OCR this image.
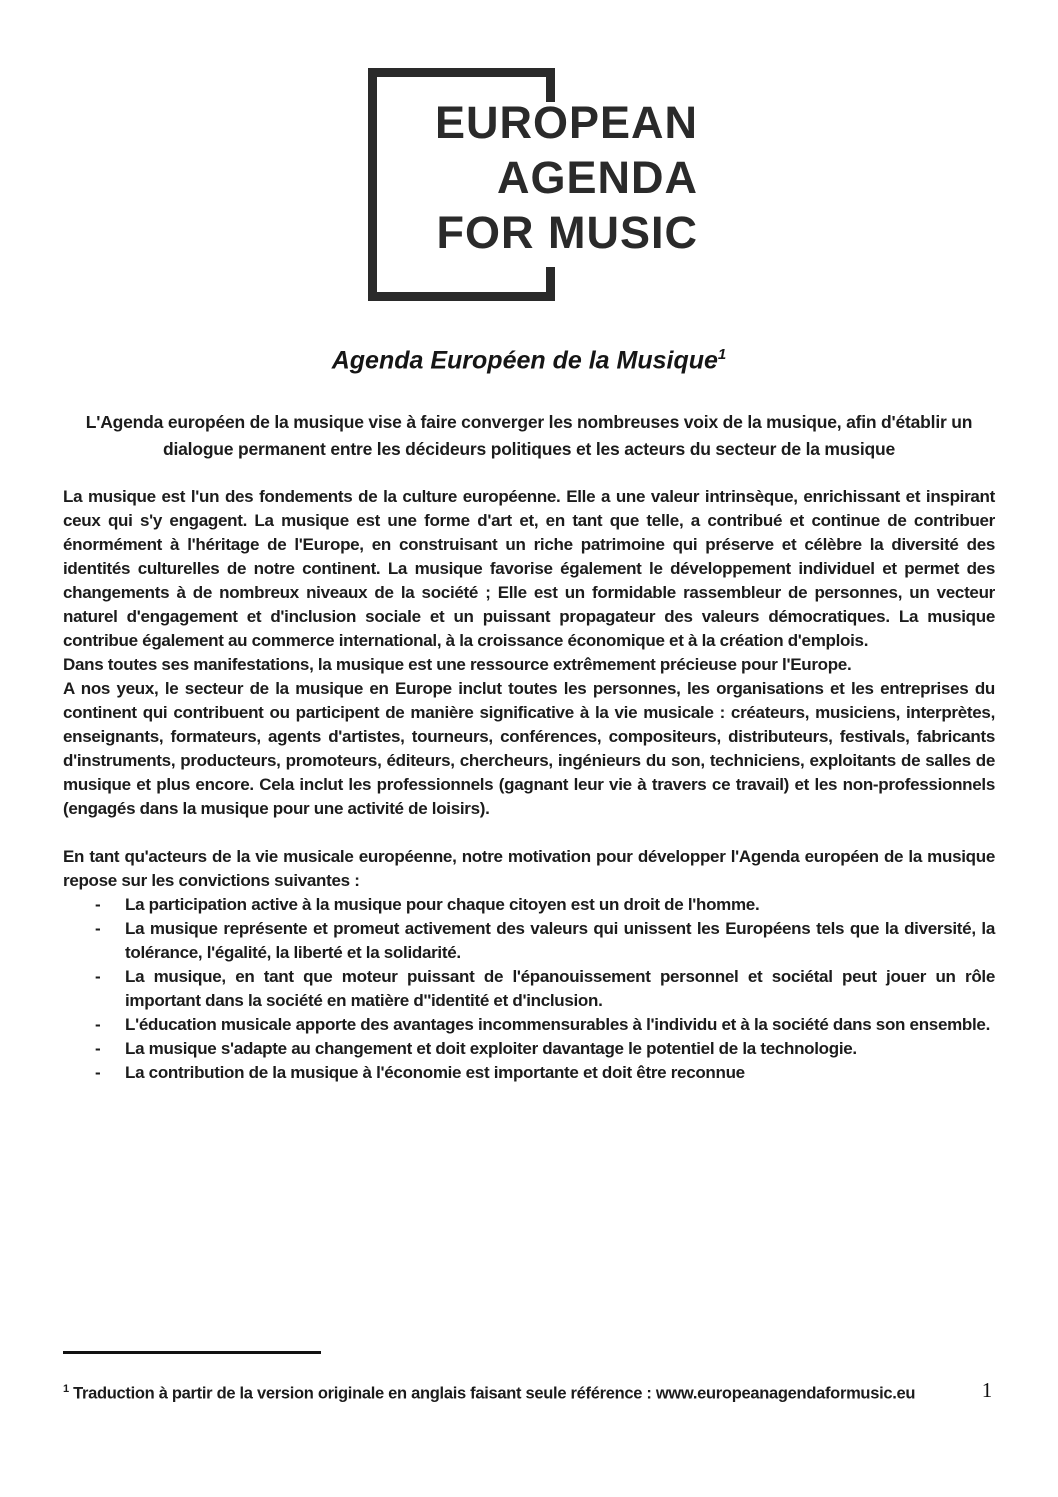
EUROPEAN
AGENDA
FOR MUSIC
Agenda Européen de la Musique$^1$

L'Agenda européen de la musique vise à faire converger les nombreuses voix de la musique, afin d'établir un dialogue permanent entre les décideurs politiques et les acteurs du secteur de la musique

La musique est l'un des fondements de la culture européenne. Elle a une valeur intrinsèque, enrichissant et inspirant ceux qui s'y engagent. La musique est une forme d'art et, en tant que telle, a contribué et continue de contribuer énormément à l'héritage de l'Europe, en construisant un riche patrimoine qui préserve et célèbre la diversité des identités culturelles de notre continent. La musique favorise également le développement individuel et permet des changements à de nombreux niveaux de la société ; Elle est un formidable rassembleur de personnes, un vecteur naturel d'engagement et d'inclusion sociale et un puissant propagateur des valeurs démocratiques. La musique contribue également au commerce international, à la croissance économique et à la création d'emplois.

Dans toutes ses manifestations, la musique est une ressource extrêmement précieuse pour l'Europe.

A nos yeux, le secteur de la musique en Europe inclut toutes les personnes, les organisations et les entreprises du continent qui contribuent ou participent de manière significative à la vie musicale : créateurs, musiciens, interprètes, enseignants, formateurs, agents d'artistes, tourneurs, conférences, compositeurs, distributeurs, festivals, fabricants d'instruments, producteurs, promoteurs, éditeurs, chercheurs, ingénieurs du son, techniciens, exploitants de salles de musique et plus encore. Cela inclut les professionnels (gagnant leur vie à travers ce travail) et les non-professionnels (engagés dans la musique pour une activité de loisirs).

En tant qu'acteurs de la vie musicale européenne, notre motivation pour développer l'Agenda européen de la musique repose sur les convictions suivantes :

- La participation active à la musique pour chaque citoyen est un droit de l'homme.
- La musique représente et promeut activement des valeurs qui unissent les Européens tels que la diversité, la tolérance, l'égalité, la liberté et la solidarité.
- La musique, en tant que moteur puissant de l'épanouissement personnel et sociétal peut jouer un rôle important dans la société en matière d''identité et d'inclusion.
- L'éducation musicale apporte des avantages incommensurables à l'individu et à la société dans son ensemble.
- La musique s'adapte au changement et doit exploiter davantage le potentiel de la technologie.
- La contribution de la musique à l'économie est importante et doit être reconnue

$^1$ Traduction à partir de la version originale en anglais faisant seule référence : www.europeanagendaformusic.eu	1
